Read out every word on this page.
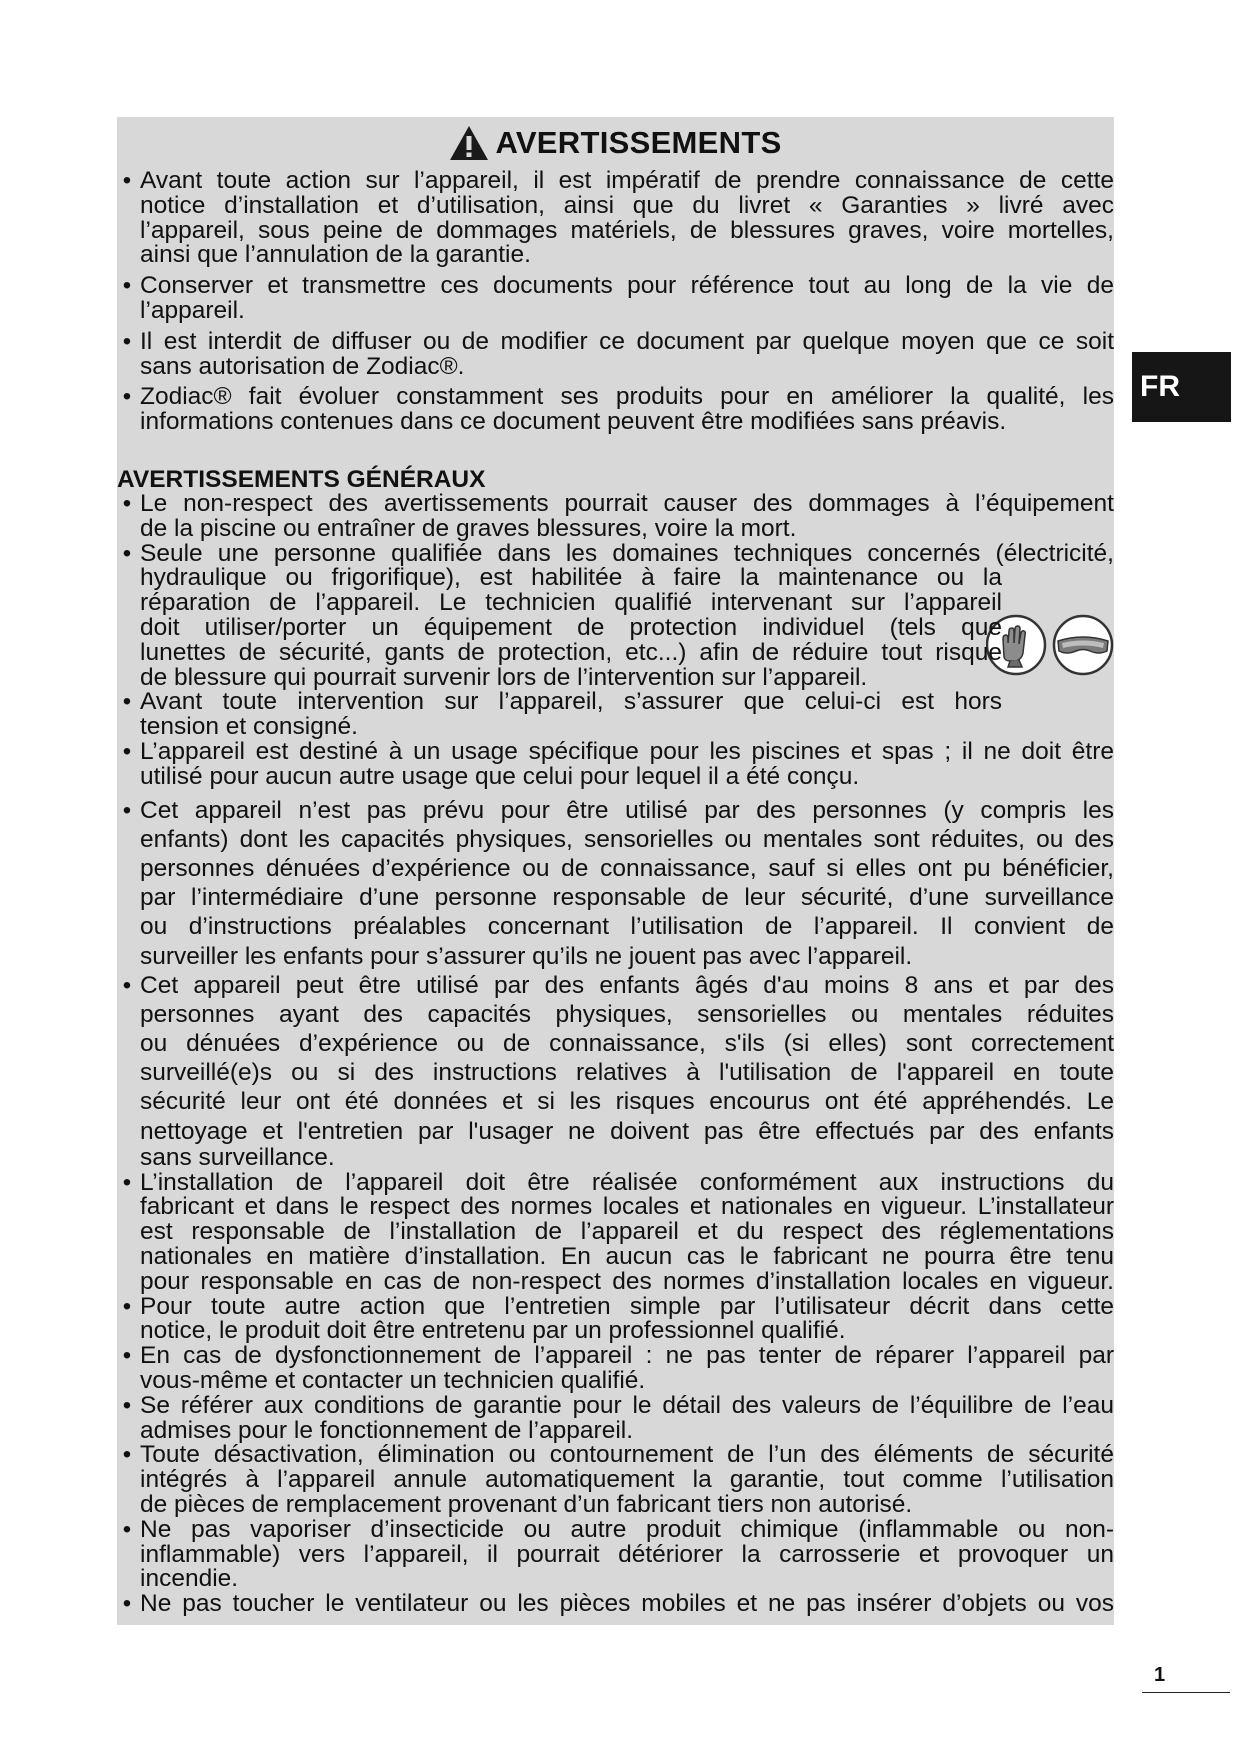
AVERTISSEMENTS
• Avant toute action sur l’appareil, il est impératif de prendre connaissance de cette
notice d’installation et d’utilisation, ainsi que du livret « Garanties » livré avec
l’appareil, sous peine de dommages matériels, de blessures graves, voire mortelles,
ainsi que l’annulation de la garantie.
• Conserver et transmettre ces documents pour référence tout au long de la vie de
l’appareil.
• Il est interdit de diffuser ou de modifier ce document par quelque moyen que ce soit
sans autorisation de Zodiac®.
• Zodiac® fait évoluer constamment ses produits pour en améliorer la qualité, les
informations contenues dans ce document peuvent être modifiées sans préavis.
AVERTISSEMENTS GÉNÉRAUX
• Le non-respect des avertissements pourrait causer des dommages à l’équipement
de la piscine ou entraîner de graves blessures, voire la mort.
• Seule une personne qualifiée dans les domaines techniques concernés (électricité,
hydraulique ou frigorifique), est habilitée à faire la maintenance ou la
réparation de l’appareil. Le technicien qualifié intervenant sur l’appareil
doit utiliser/porter un équipement de protection individuel (tels que
lunettes de sécurité, gants de protection, etc...) afin de réduire tout risque
de blessure qui pourrait survenir lors de l’intervention sur l’appareil.
• Avant toute intervention sur l’appareil, s’assurer que celui-ci est hors
tension et consigné.
• L’appareil est destiné à un usage spécifique pour les piscines et spas ; il ne doit être
utilisé pour aucun autre usage que celui pour lequel il a été conçu.
• Cet appareil n’est pas prévu pour être utilisé par des personnes (y compris les
enfants) dont les capacités physiques, sensorielles ou mentales sont réduites, ou des
personnes dénuées d’expérience ou de connaissance, sauf si elles ont pu bénéficier,
par l’intermédiaire d’une personne responsable de leur sécurité, d’une surveillance
ou d’instructions préalables concernant l’utilisation de l’appareil. Il convient de
surveiller les enfants pour s’assurer qu’ils ne jouent pas avec l’appareil.
• Cet appareil peut être utilisé par des enfants âgés d'au moins 8 ans et par des
personnes ayant des capacités physiques, sensorielles ou mentales réduites
ou dénuées d’expérience ou de connaissance, s'ils (si elles) sont correctement
surveillé(e)s ou si des instructions relatives à l'utilisation de l'appareil en toute
sécurité leur ont été données et si les risques encourus ont été appréhendés. Le
nettoyage et l'entretien par l'usager ne doivent pas être effectués par des enfants
sans surveillance.
• L’installation de l’appareil doit être réalisée conformément aux instructions du
fabricant et dans le respect des normes locales et nationales en vigueur. L’installateur
est responsable de l’installation de l’appareil et du respect des réglementations
nationales en matière d’installation. En aucun cas le fabricant ne pourra être tenu
pour responsable en cas de non-respect des normes d’installation locales en vigueur.
• Pour toute autre action que l’entretien simple par l’utilisateur décrit dans cette
notice, le produit doit être entretenu par un professionnel qualifié.
• En cas de dysfonctionnement de l’appareil : ne pas tenter de réparer l’appareil par
vous-même et contacter un technicien qualifié.
• Se référer aux conditions de garantie pour le détail des valeurs de l’équilibre de l’eau
admises pour le fonctionnement de l’appareil.
• Toute désactivation, élimination ou contournement de l’un des éléments de sécurité
intégrés à l’appareil annule automatiquement la garantie, tout comme l’utilisation
de pièces de remplacement provenant d’un fabricant tiers non autorisé.
• Ne pas vaporiser d’insecticide ou autre produit chimique (inflammable ou non-
inflammable) vers l’appareil, il pourrait détériorer la carrosserie et provoquer un
incendie.
• Ne pas toucher le ventilateur ou les pièces mobiles et ne pas insérer d’objets ou vos
FR
1
